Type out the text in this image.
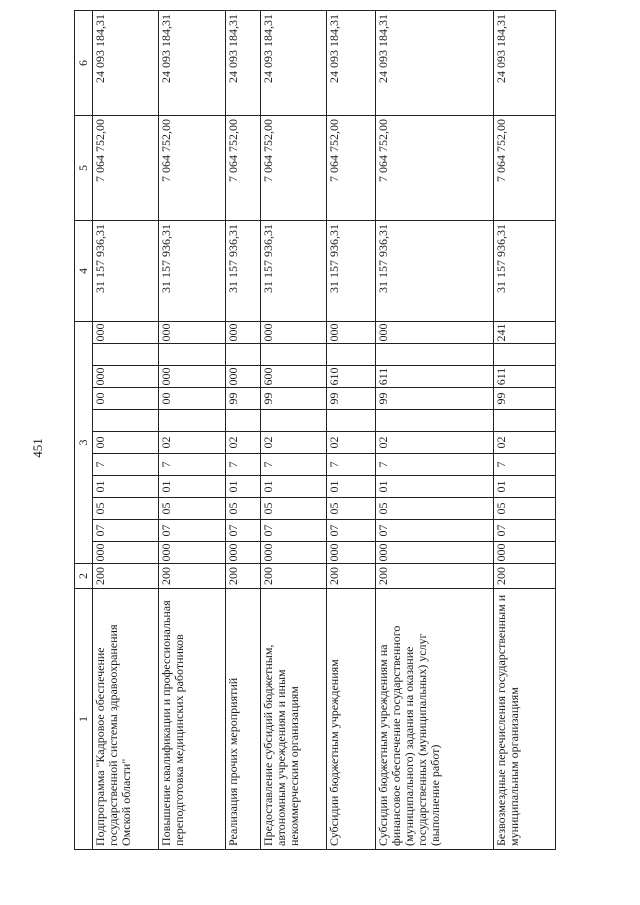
451
1	2	3											4	5	6
Подпрограмма "Кадровое обеспечение государственной системы здравоохранения Омской области"	200	000	07	05	01	7	00		00	000		000	31 157 936,31	7 064 752,00	24 093 184,31
Повышение квалификации и профессиональная переподготовка медицинских работников	200	000	07	05	01	7	02		00	000		000	31 157 936,31	7 064 752,00	24 093 184,31
Реализация прочих мероприятий	200	000	07	05	01	7	02		99	000		000	31 157 936,31	7 064 752,00	24 093 184,31
Предоставление субсидий бюджетным, автономным учреждениям и иным некоммерческим организациям	200	000	07	05	01	7	02		99	600		000	31 157 936,31	7 064 752,00	24 093 184,31
Субсидии бюджетным учреждениям	200	000	07	05	01	7	02		99	610		000	31 157 936,31	7 064 752,00	24 093 184,31
Субсидии бюджетным учреждениям на финансовое обеспечение государственного (муниципального) задания на оказание государственных (муниципальных) услуг (выполнение работ)	200	000	07	05	01	7	02		99	611		000	31 157 936,31	7 064 752,00	24 093 184,31
Безвозмездные перечисления государственным и муниципальным организациям	200	000	07	05	01	7	02		99	611		241	31 157 936,31	7 064 752,00	24 093 184,31
